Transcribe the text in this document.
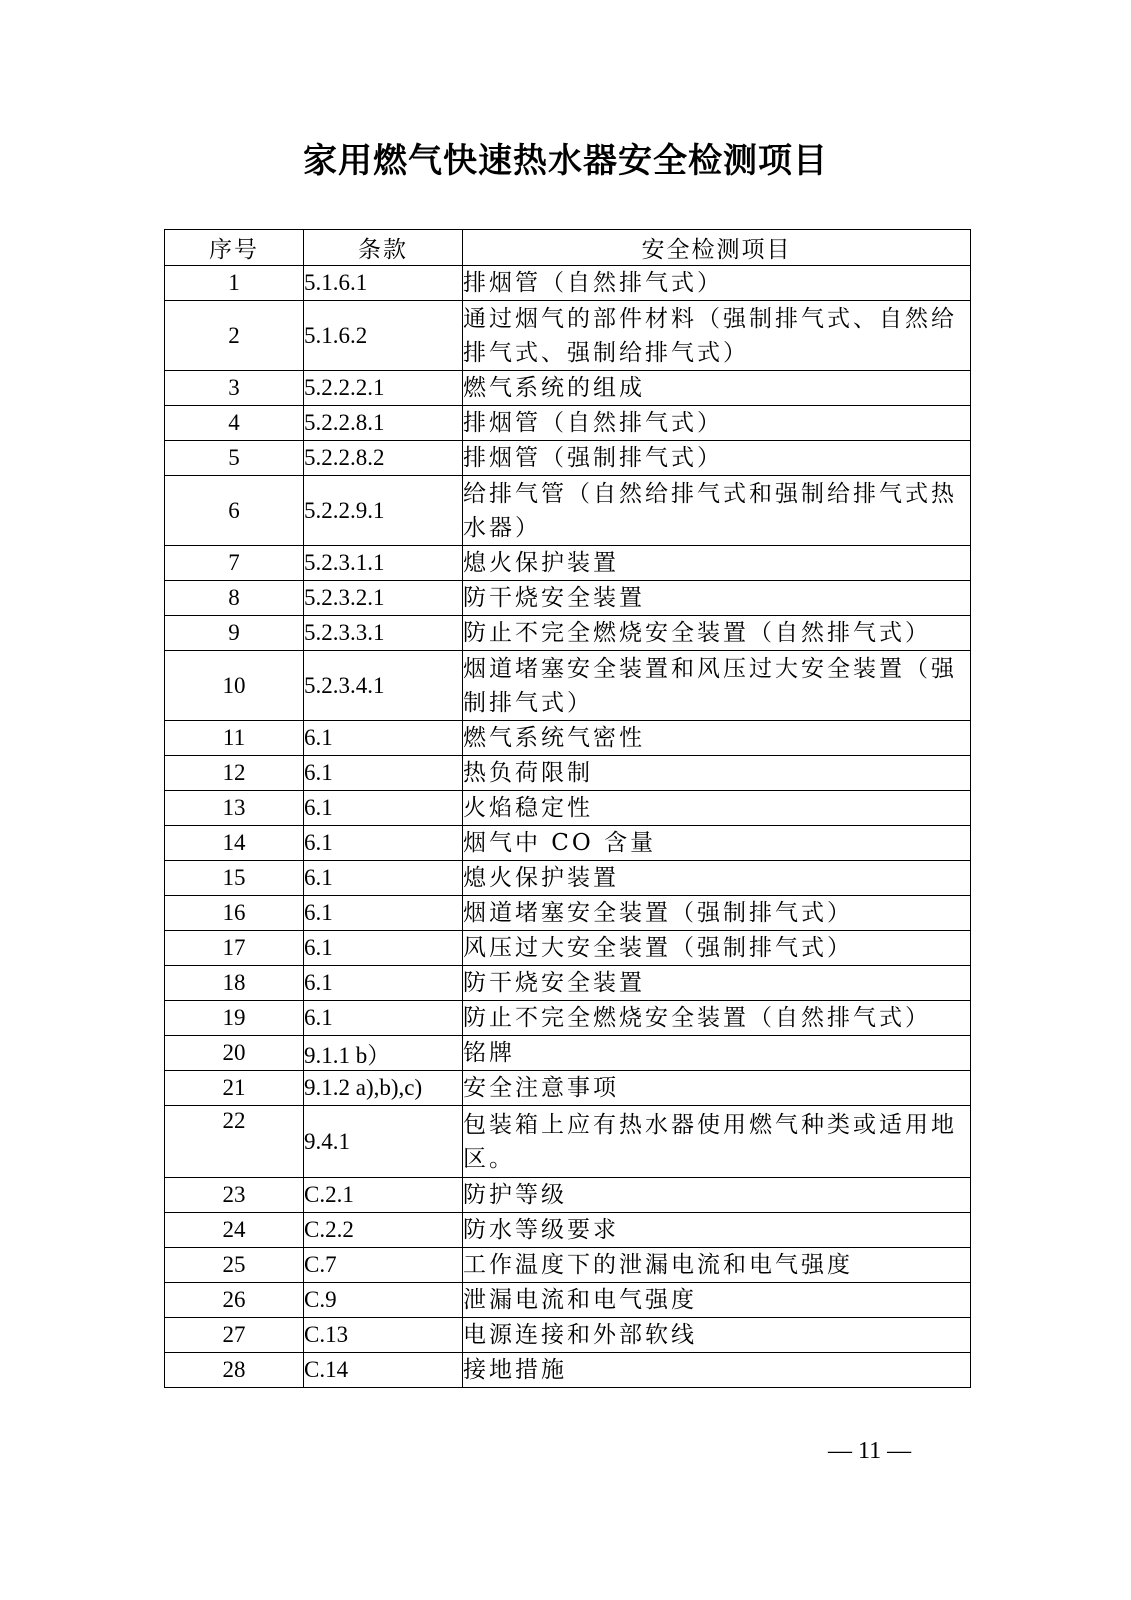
家用燃气快速热水器安全检测项目
序号	条款	安全检测项目
1	5.1.6.1	排烟管（自然排气式）
2	5.1.6.2	通过烟气的部件材料（强制排气式、自然给排气式、强制给排气式）
3	5.2.2.2.1	燃气系统的组成
4	5.2.2.8.1	排烟管（自然排气式）
5	5.2.2.8.2	排烟管（强制排气式）
6	5.2.2.9.1	给排气管（自然给排气式和强制给排气式热水器）
7	5.2.3.1.1	熄火保护装置
8	5.2.3.2.1	防干烧安全装置
9	5.2.3.3.1	防止不完全燃烧安全装置（自然排气式）
10	5.2.3.4.1	烟道堵塞安全装置和风压过大安全装置（强制排气式）
11	6.1	燃气系统气密性
12	6.1	热负荷限制
13	6.1	火焰稳定性
14	6.1	烟气中 CO 含量
15	6.1	熄火保护装置
16	6.1	烟道堵塞安全装置（强制排气式）
17	6.1	风压过大安全装置（强制排气式）
18	6.1	防干烧安全装置
19	6.1	防止不完全燃烧安全装置（自然排气式）
20	9.1.1 b）	铭牌
21	9.1.2 a),b),c)	安全注意事项
22	9.4.1	包装箱上应有热水器使用燃气种类或适用地区。
23	C.2.1	防护等级
24	C.2.2	防水等级要求
25	C.7	工作温度下的泄漏电流和电气强度
26	C.9	泄漏电流和电气强度
27	C.13	电源连接和外部软线
28	C.14	接地措施
— 11 —
